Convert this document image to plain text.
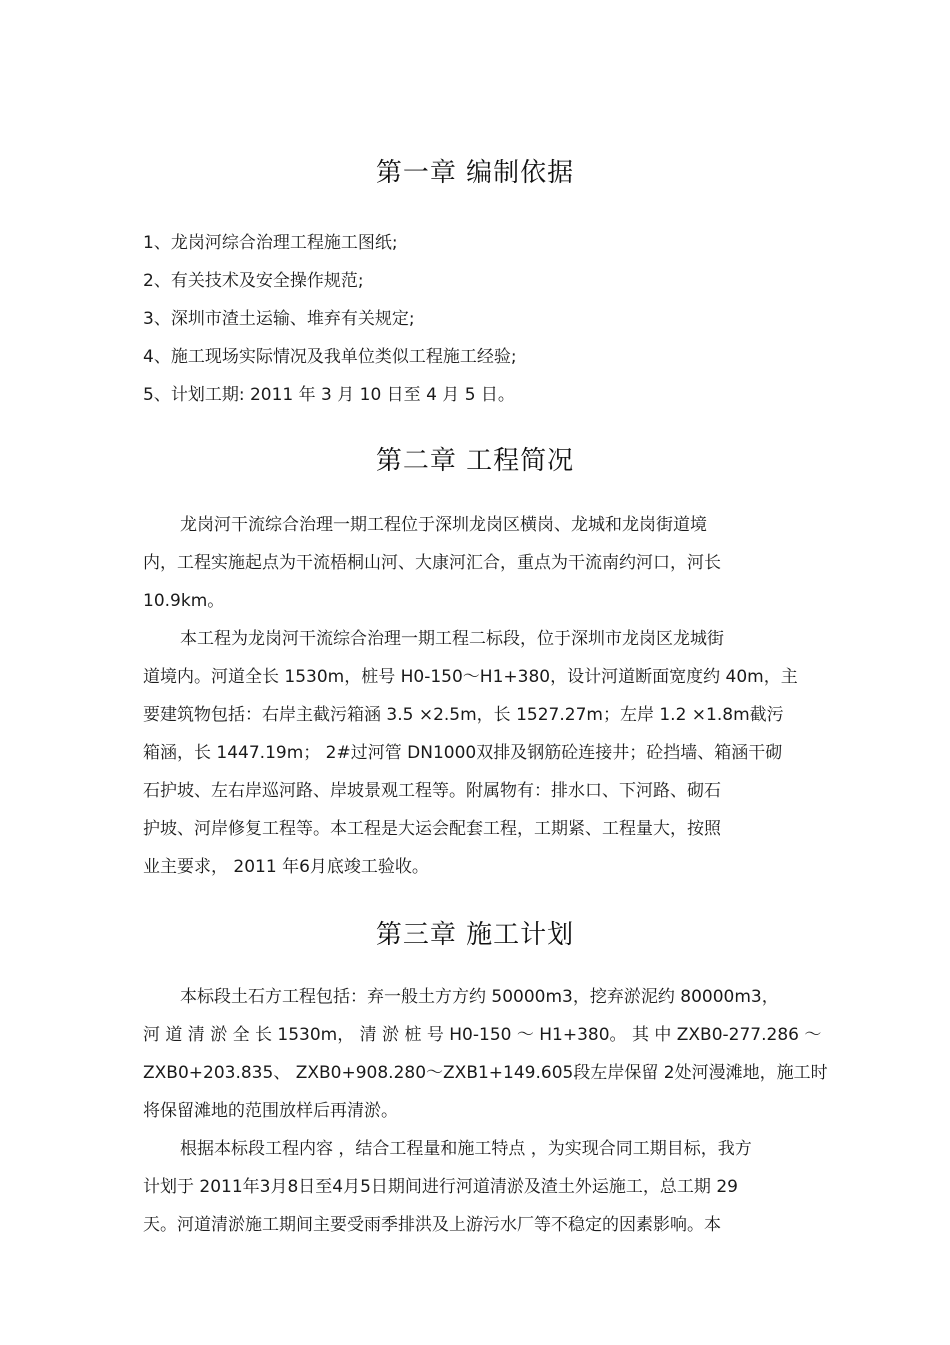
第一章 编制依据
1、龙岗河综合治理工程施工图纸;
2、有关技术及安全操作规范;
3、深圳市渣土运输、堆弃有关规定;
4、施工现场实际情况及我单位类似工程施工经验;
5、计划工期: 2011 年 3 月 10 日至 4 月 5 日。
第二章 工程简况
龙岗河干流综合治理一期工程位于深圳龙岗区横岗、龙城和龙岗街道境
内，工程实施起点为干流梧桐山河、大康河汇合，重点为干流南约河口，河长
10.9km。
本工程为龙岗河干流综合治理一期工程二标段，位于深圳市龙岗区龙城街
道境内。河道全长 1530m，桩号 H0-150～H1+380，设计河道断面宽度约 40m，主
要建筑物包括：右岸主截污箱涵 3.5 ×2.5m，长 1527.27m；左岸 1.2 ×1.8m截污
箱涵，长 1447.19m； 2#过河管 DN1000双排及钢筋砼连接井；砼挡墙、箱涵干砌
石护坡、左右岸巡河路、岸坡景观工程等。附属物有：排水口、下河路、砌石
护坡、河岸修复工程等。本工程是大运会配套工程，工期紧、工程量大，按照
业主要求， 2011 年6月底竣工验收。
第三章 施工计划
本标段土石方工程包括：弃一般土方方约 50000m3，挖弃淤泥约 80000m3，
河 道 清 淤 全 长 1530m， 清 淤 桩 号 H0-150 ～ H1+380。 其 中 ZXB0-277.286 ～
ZXB0+203.835、 ZXB0+908.280～ZXB1+149.605段左岸保留 2处河漫滩地，施工时
将保留滩地的范围放样后再清淤。
根据本标段工程内容 ，结合工程量和施工特点 ，为实现合同工期目标，我方
计划于 2011年3月8日至4月5日期间进行河道清淤及渣土外运施工，总工期 29
天。河道清淤施工期间主要受雨季排洪及上游污水厂等不稳定的因素影响。本
